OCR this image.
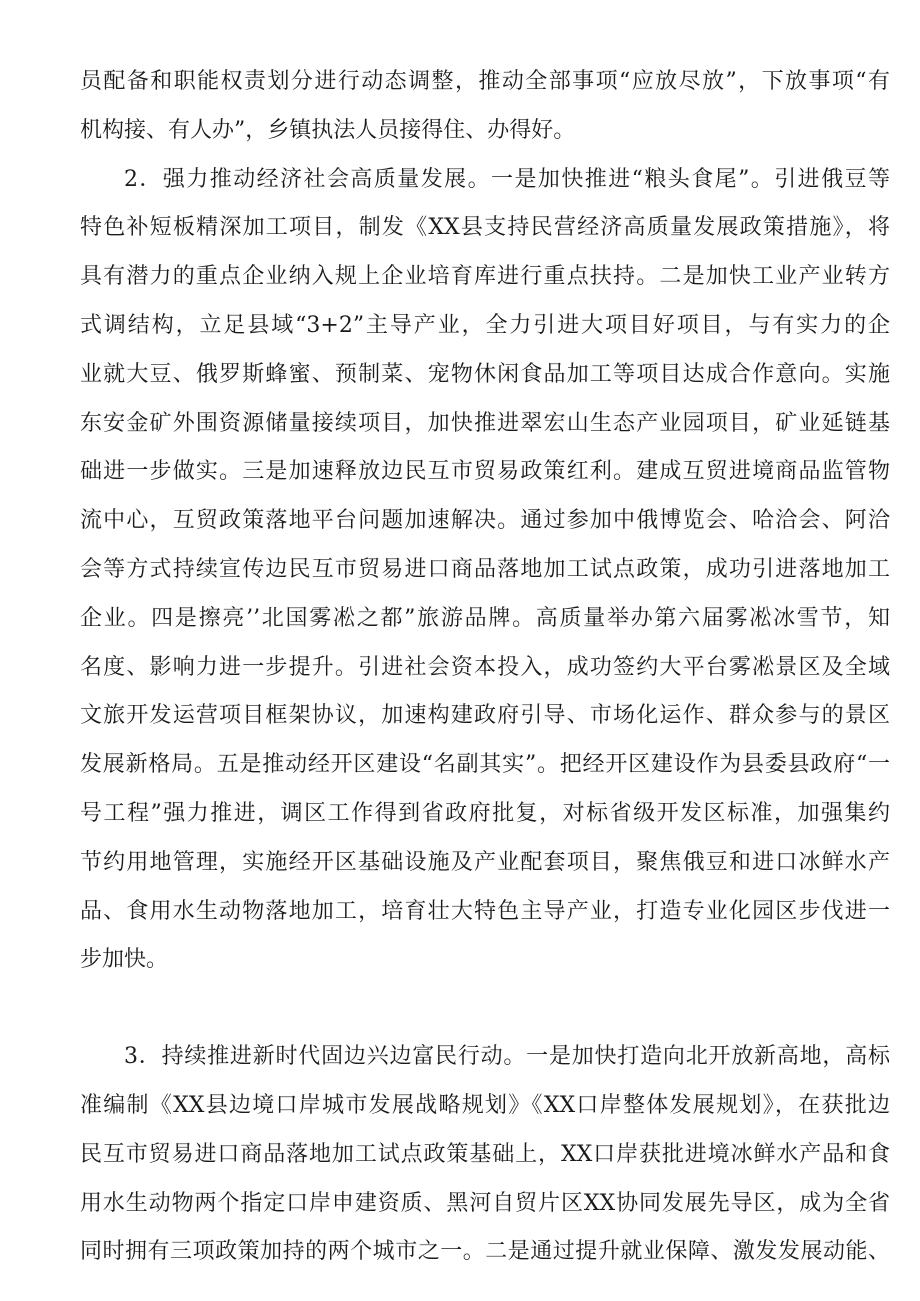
员配备和职能权责划分进行动态调整，推动全部事项“应放尽放”，下放事项“有
机构接、有人办”，乡镇执法人员接得住、办得好。
2．强力推动经济社会高质量发展。一是加快推进“粮头食尾”。引进俄豆等
特色补短板精深加工项目，制发《XX县支持民营经济高质量发展政策措施》，将
具有潜力的重点企业纳入规上企业培育库进行重点扶持。二是加快工业产业转方
式调结构，立足县域“3+2”主导产业，全力引进大项目好项目，与有实力的企
业就大豆、俄罗斯蜂蜜、预制菜、宠物休闲食品加工等项目达成合作意向。实施
东安金矿外围资源储量接续项目，加快推进翠宏山生态产业园项目，矿业延链基
础进一步做实。三是加速释放边民互市贸易政策红利。建成互贸进境商品监管物
流中心，互贸政策落地平台问题加速解决。通过参加中俄博览会、哈洽会、阿洽
会等方式持续宣传边民互市贸易进口商品落地加工试点政策，成功引进落地加工
企业。四是擦亮’’北国雾凇之都”旅游品牌。高质量举办第六届雾凇冰雪节，知
名度、影响力进一步提升。引进社会资本投入，成功签约大平台雾凇景区及全域
文旅开发运营项目框架协议，加速构建政府引导、市场化运作、群众参与的景区
发展新格局。五是推动经开区建设“名副其实”。把经开区建设作为县委县政府“一
号工程”强力推进，调区工作得到省政府批复，对标省级开发区标准，加强集约
节约用地管理，实施经开区基础设施及产业配套项目，聚焦俄豆和进口冰鲜水产
品、食用水生动物落地加工，培育壮大特色主导产业，打造专业化园区步伐进一
步加快。
3．持续推进新时代固边兴边富民行动。一是加快打造向北开放新高地，高标
准编制《XX县边境口岸城市发展战略规划》《XX口岸整体发展规划》，在获批边
民互市贸易进口商品落地加工试点政策基础上，XX口岸获批进境冰鲜水产品和食
用水生动物两个指定口岸申建资质、黑河自贸片区XX协同发展先导区，成为全省
同时拥有三项政策加持的两个城市之一。二是通过提升就业保障、激发发展动能、
